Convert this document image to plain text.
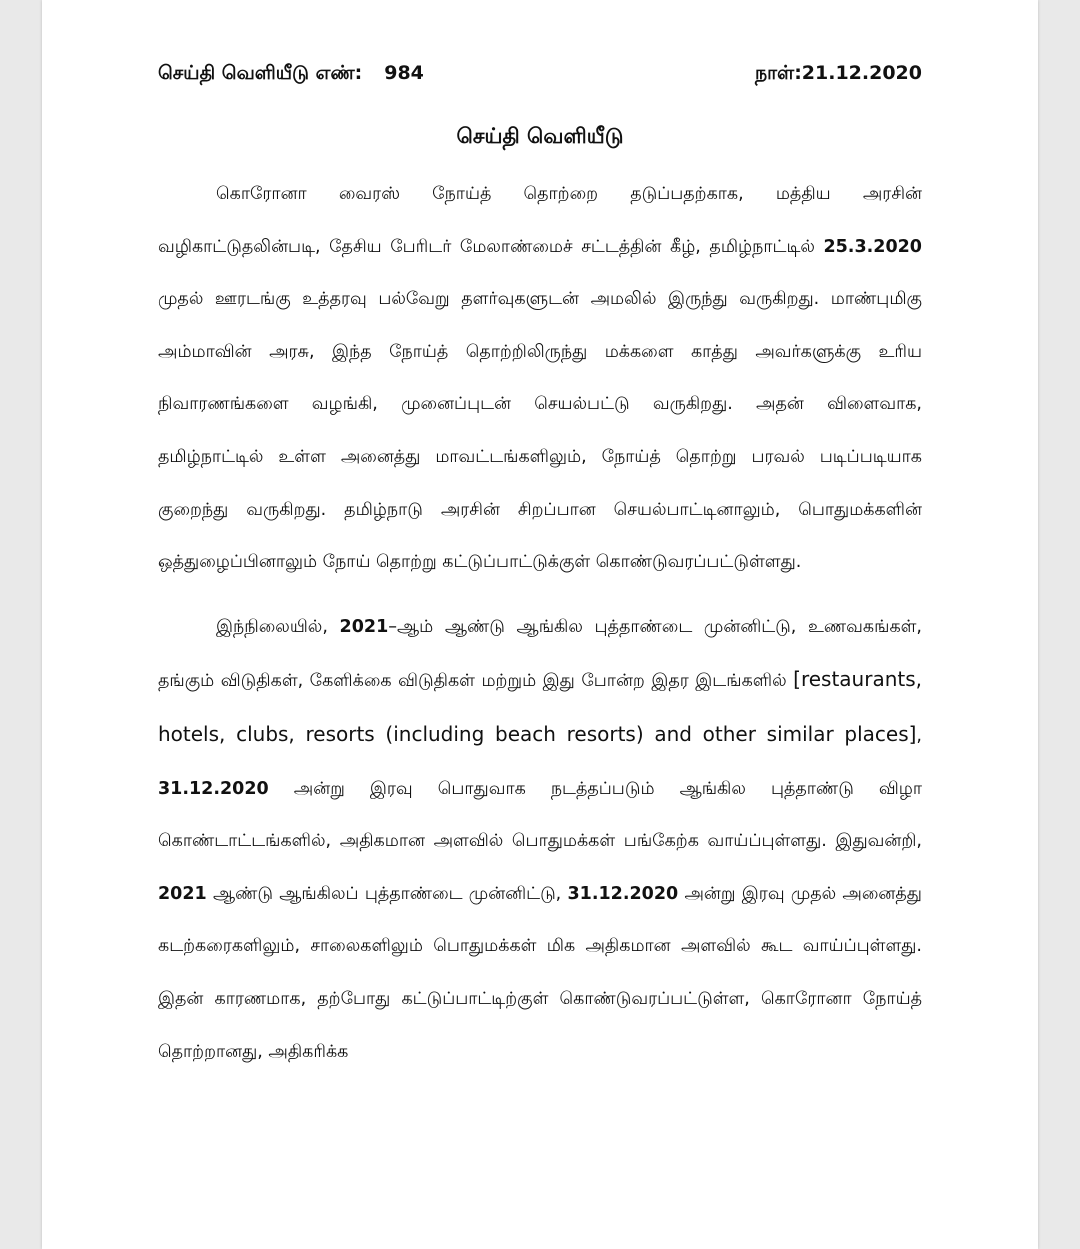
செய்தி வெளியீடு எண்: 984	நாள்:21.12.2020
செய்தி வெளியீடு

கொரோனா வைரஸ் நோய்த் தொற்றை தடுப்பதற்காக, மத்திய அரசின் வழிகாட்டுதலின்படி, தேசிய பேரிடர் மேலாண்மைச் சட்டத்தின் கீழ், தமிழ்நாட்டில் 25.3.2020 முதல் ஊரடங்கு உத்தரவு பல்வேறு தளர்வுகளுடன் அமலில் இருந்து வருகிறது. மாண்புமிகு அம்மாவின் அரசு, இந்த நோய்த் தொற்றிலிருந்து மக்களை காத்து அவர்களுக்கு உரிய நிவாரணங்களை வழங்கி, முனைப்புடன் செயல்பட்டு வருகிறது. அதன் விளைவாக, தமிழ்நாட்டில் உள்ள அனைத்து மாவட்டங்களிலும், நோய்த் தொற்று பரவல் படிப்படியாக குறைந்து வருகிறது. தமிழ்நாடு அரசின் சிறப்பான செயல்பாட்டினாலும், பொதுமக்களின் ஒத்துழைப்பினாலும் நோய் தொற்று கட்டுப்பாட்டுக்குள் கொண்டுவரப்பட்டுள்ளது.

இந்நிலையில், 2021–ஆம் ஆண்டு ஆங்கில புத்தாண்டை முன்னிட்டு, உணவகங்கள், தங்கும் விடுதிகள், கேளிக்கை விடுதிகள் மற்றும் இது போன்ற இதர இடங்களில் [restaurants, hotels, clubs, resorts (including beach resorts) and other similar places], 31.12.2020 அன்று இரவு பொதுவாக நடத்தப்படும் ஆங்கில புத்தாண்டு விழா கொண்டாட்டங்களில், அதிகமான அளவில் பொதுமக்கள் பங்கேற்க வாய்ப்புள்ளது. இதுவன்றி, 2021 ஆண்டு ஆங்கிலப் புத்தாண்டை முன்னிட்டு, 31.12.2020 அன்று இரவு முதல் அனைத்து கடற்கரைகளிலும், சாலைகளிலும் பொதுமக்கள் மிக அதிகமான அளவில் கூட வாய்ப்புள்ளது. இதன் காரணமாக, தற்போது கட்டுப்பாட்டிற்குள் கொண்டுவரப்பட்டுள்ள, கொரோனா நோய்த் தொற்றானது, அதிகரிக்க
